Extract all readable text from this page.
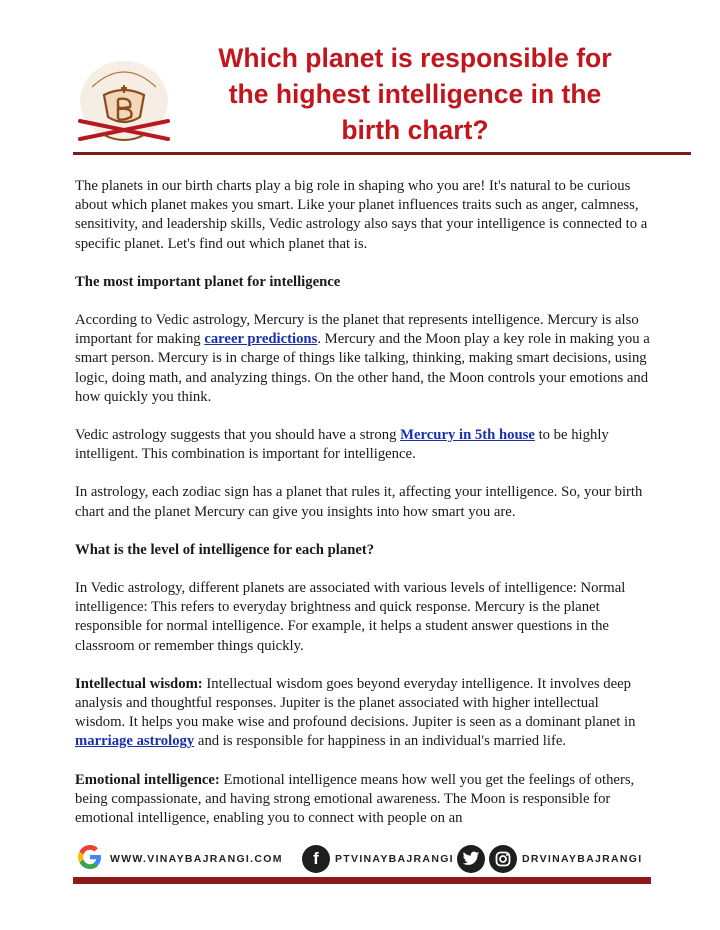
Which planet is responsible for
the highest intelligence in the
birth chart?

The planets in our birth charts play a big role in shaping who you are! It's natural to be curious about which planet makes you smart. Like your planet influences traits such as anger, calmness, sensitivity, and leadership skills, Vedic astrology also says that your intelligence is connected to a specific planet. Let's find out which planet that is.

The most important planet for intelligence

According to Vedic astrology, Mercury is the planet that represents intelligence. Mercury is also important for making career predictions. Mercury and the Moon play a key role in making you a smart person. Mercury is in charge of things like talking, thinking, making smart decisions, using logic, doing math, and analyzing things. On the other hand, the Moon controls your emotions and how quickly you think.

Vedic astrology suggests that you should have a strong Mercury in 5th house to be highly intelligent. This combination is important for intelligence.

In astrology, each zodiac sign has a planet that rules it, affecting your intelligence. So, your birth chart and the planet Mercury can give you insights into how smart you are.

What is the level of intelligence for each planet?

In Vedic astrology, different planets are associated with various levels of intelligence: Normal intelligence: This refers to everyday brightness and quick response. Mercury is the planet responsible for normal intelligence. For example, it helps a student answer questions in the classroom or remember things quickly.

Intellectual wisdom: Intellectual wisdom goes beyond everyday intelligence. It involves deep analysis and thoughtful responses. Jupiter is the planet associated with higher intellectual wisdom. It helps you make wise and profound decisions. Jupiter is seen as a dominant planet in marriage astrology and is responsible for happiness in an individual's married life.

Emotional intelligence: Emotional intelligence means how well you get the feelings of others, being compassionate, and having strong emotional awareness. The Moon is responsible for emotional intelligence, enabling you to connect with people on an

WWW.VINAYBAJRANGI.COM	f	PTVINAYBAJRANGI	DRVINAYBAJRANGI
